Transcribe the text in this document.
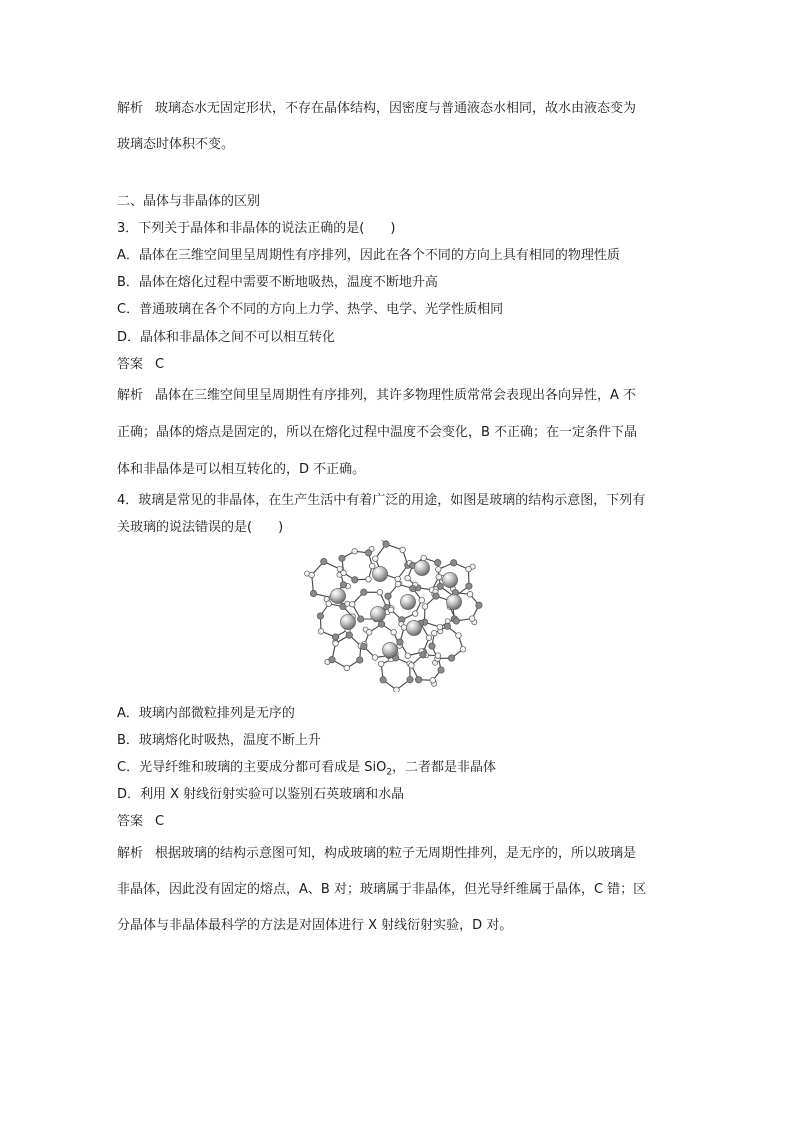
解析 玻璃态水无固定形状，不存在晶体结构，因密度与普通液态水相同，故水由液态变为
玻璃态时体积不变。
二、晶体与非晶体的区别
3．下列关于晶体和非晶体的说法正确的是(　　)
A．晶体在三维空间里呈周期性有序排列，因此在各个不同的方向上具有相同的物理性质
B．晶体在熔化过程中需要不断地吸热，温度不断地升高
C．普通玻璃在各个不同的方向上力学、热学、电学、光学性质相同
D．晶体和非晶体之间不可以相互转化
答案 C
解析 晶体在三维空间里呈周期性有序排列，其许多物理性质常常会表现出各向异性，A 不
正确；晶体的熔点是固定的，所以在熔化过程中温度不会变化，B 不正确；在一定条件下晶
体和非晶体是可以相互转化的，D 不正确。
4．玻璃是常见的非晶体，在生产生活中有着广泛的用途，如图是玻璃的结构示意图，下列有
关玻璃的说法错误的是(　　)
A．玻璃内部微粒排列是无序的
B．玻璃熔化时吸热，温度不断上升
C．光导纤维和玻璃的主要成分都可看成是 SiO$_2$，二者都是非晶体
D．利用 X 射线衍射实验可以鉴别石英玻璃和水晶
答案 C
解析 根据玻璃的结构示意图可知，构成玻璃的粒子无周期性排列，是无序的，所以玻璃是
非晶体，因此没有固定的熔点，A、B 对；玻璃属于非晶体，但光导纤维属于晶体，C 错；区
分晶体与非晶体最科学的方法是对固体进行 X 射线衍射实验，D 对。
